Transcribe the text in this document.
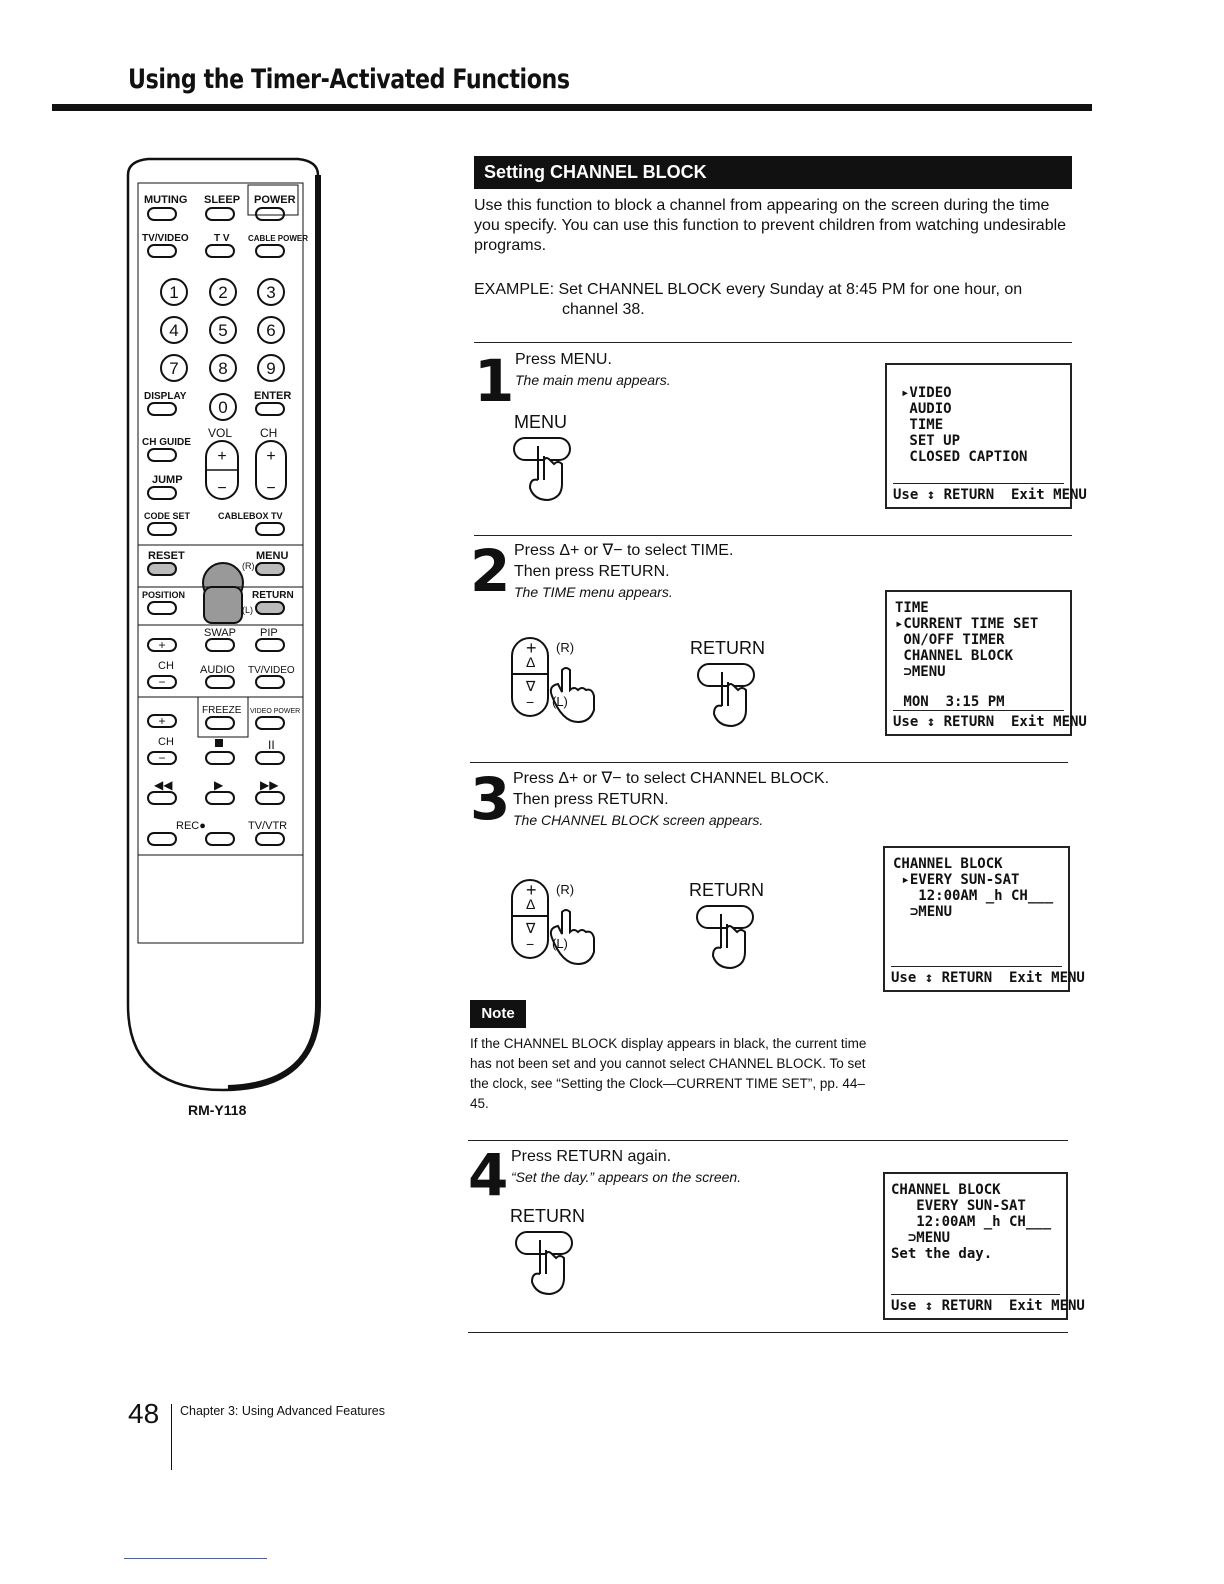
Using the Timer-Activated Functions
MUTING SLEEP POWER
TV/VIDEO	T V CABLE POWER
1 2 3
4 5 6
7 8 9
0
DISPLAY	ENTER
VOL CH
CH GUIDE
+ +
− −
JUMP
CODE SET	CABLEBOX TV
RESET	MENU
(R)
POSITION	RETURN
(L)
SWAP PIP
+
CH AUDIO TV/VIDEO
−
FREEZE VIDEO POWER
+
CH	II
−
◀◀	▶	▶▶
REC●	TV/VTR
RM-Y118
Setting CHANNEL BLOCK
Use this function to block a channel from appearing on the screen during the time you specify. You can use this function to prevent children from watching undesirable programs.
EXAMPLE: Set CHANNEL BLOCK every Sunday at 8:45 PM for one hour, on
channel 38.
1 Press MENU.
The main menu appears.
MENU
▸VIDEO
AUDIO
TIME
SET UP
CLOSED CAPTION
Use ↕ RETURN  Exit MENU
2 Press Δ+ or ∇− to select TIME.
Then press RETURN.
The TIME menu appears.
+
Δ
∇
−
(R)
(L)
RETURN
TIME
▸CURRENT TIME SET
ON/OFF TIMER
CHANNEL BLOCK
⊃MENU
MON  3:15 PM
Use ↕ RETURN  Exit MENU
3 Press Δ+ or ∇− to select CHANNEL BLOCK.
Then press RETURN.
The CHANNEL BLOCK screen appears.
+
Δ
∇
−
(R)
(L)
RETURN
CHANNEL BLOCK
▸EVERY SUN-SAT
12:00AM _h CH___
⊃MENU
Use ↕ RETURN  Exit MENU
Note
If the CHANNEL BLOCK display appears in black, the current time has not been set and you cannot select CHANNEL BLOCK. To set the clock, see “Setting the Clock—CURRENT TIME SET”, pp. 44–45.
4 Press RETURN again.
“Set the day.” appears on the screen.
RETURN
CHANNEL BLOCK
EVERY SUN-SAT
12:00AM _h CH___
⊃MENU
Set the day.
Use ↕ RETURN  Exit MENU
48 Chapter 3: Using Advanced Features
